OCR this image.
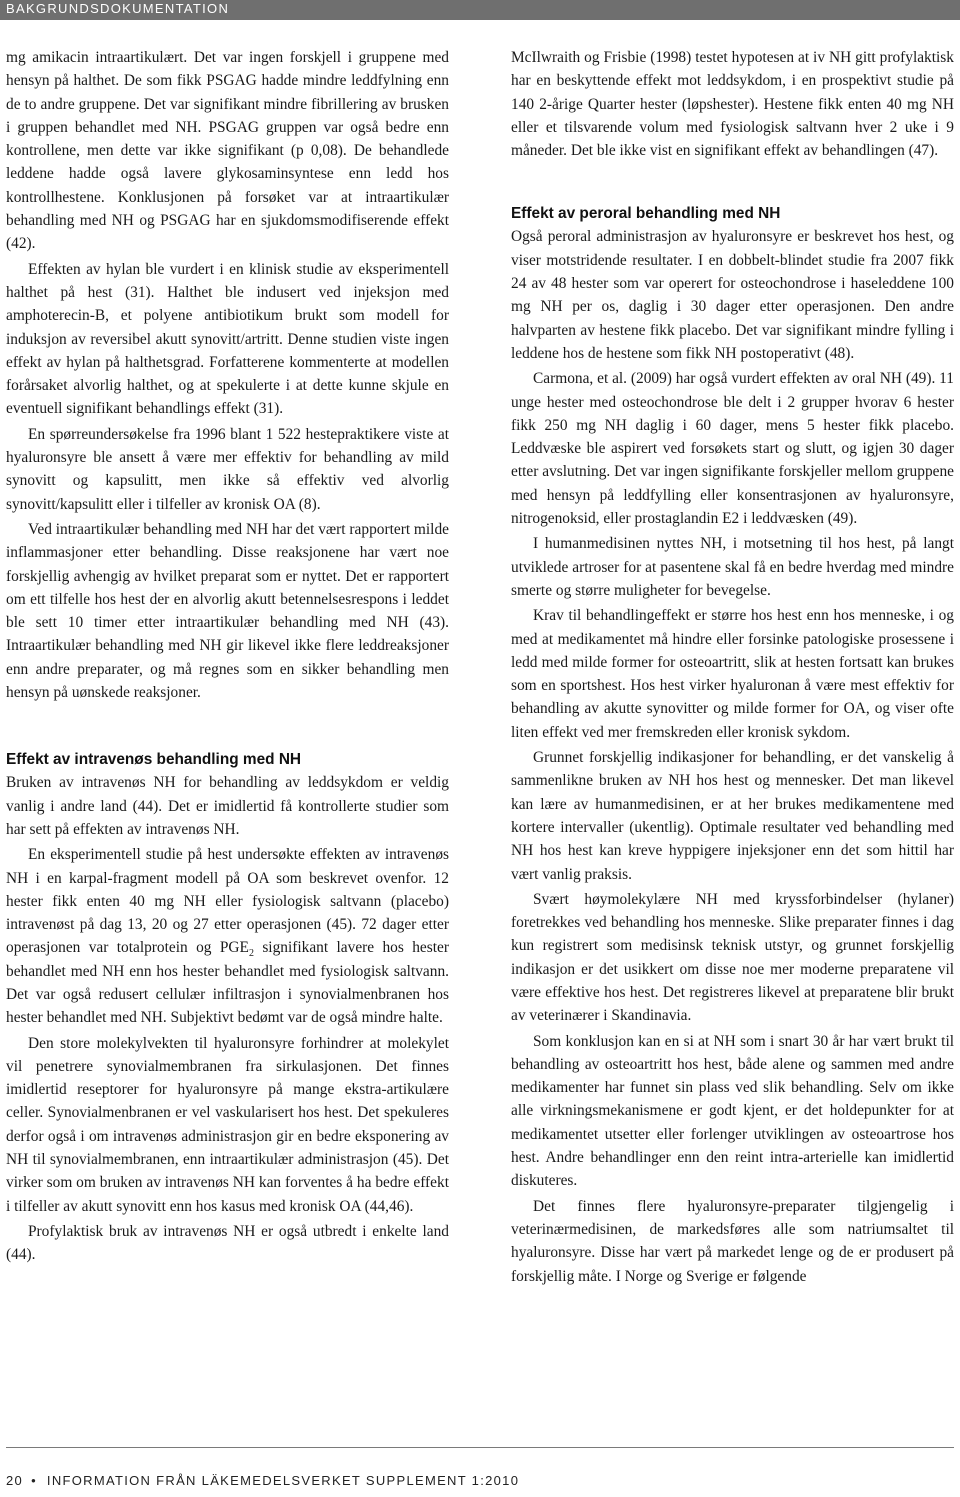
BAKGRUNDSDOKUMENTATION

mg amikacin intraartikulært. Det var ingen forskjell i gruppene med hensyn på halthet. De som fikk PSGAG hadde mindre leddfylning enn de to andre gruppene. Det var signifikant mindre fibrillering av brusken i gruppen behandlet med NH. PSGAG gruppen var også bedre enn kontrollene, men dette var ikke signifikant (p 0,08). De behandlede leddene hadde også lavere glykosaminsyntese enn ledd hos kontrollhestene. Konklusjonen på forsøket var at intraartikulær behandling med NH og PSGAG har en sjukdomsmodifiserende effekt (42).

Effekten av hylan ble vurdert i en klinisk studie av eksperimentell halthet på hest (31). Halthet ble indusert ved injeksjon med amphoterecin-B, et polyene antibiotikum brukt som modell for induksjon av reversibel akutt synovitt/artritt. Denne studien viste ingen effekt av hylan på halthetsgrad. Forfatterene kommenterte at modellen forårsaket alvorlig halthet, og at spekulerte i at dette kunne skjule en eventuell signifikant behandlings effekt (31).

En spørreundersøkelse fra 1996 blant 1 522 hestepraktikere viste at hyaluronsyre ble ansett å være mer effektiv for behandling av mild synovitt og kapsulitt, men ikke så effektiv ved alvorlig synovitt/kapsulitt eller i tilfeller av kronisk OA (8).

Ved intraartikulær behandling med NH har det vært rapportert milde inflammasjoner etter behandling. Disse reaksjonene har vært noe forskjellig avhengig av hvilket preparat som er nyttet. Det er rapportert om ett tilfelle hos hest der en alvorlig akutt betennelsesrespons i leddet ble sett 10 timer etter intraartikulær behandling med NH (43). Intraartikulær behandling med NH gir likevel ikke flere leddreaksjoner enn andre preparater, og må regnes som en sikker behandling men hensyn på uønskede reaksjoner.

Effekt av intravenøs behandling med NH

Bruken av intravenøs NH for behandling av leddsykdom er veldig vanlig i andre land (44). Det er imidlertid få kontrollerte studier som har sett på effekten av intravenøs NH.

En eksperimentell studie på hest undersøkte effekten av intravenøs NH i en karpal-fragment modell på OA som beskrevet ovenfor. 12 hester fikk enten 40 mg NH eller fysiologisk saltvann (placebo) intravenøst på dag 13, 20 og 27 etter operasjonen (45). 72 dager etter operasjonen var totalprotein og $PGE_2$ signifikant lavere hos hester behandlet med NH enn hos hester behandlet med fysiologisk saltvann. Det var også redusert cellulær infiltrasjon i synovialmenbranen hos hester behandlet med NH. Subjektivt bedømt var de også mindre halte.

Den store molekylvekten til hyaluronsyre forhindrer at molekylet vil penetrere synovialmembranen fra sirkulasjonen. Det finnes imidlertid reseptorer for hyaluronsyre på mange ekstra-artikulære celler. Synovialmenbranen er vel vaskularisert hos hest. Det spekuleres derfor også i om intravenøs administrasjon gir en bedre eksponering av NH til synovialmembranen, enn intraartikulær administrasjon (45). Det virker som om bruken av intravenøs NH kan forventes å ha bedre effekt i tilfeller av akutt synovitt enn hos kasus med kronisk OA (44,46).

Profylaktisk bruk av intravenøs NH er også utbredt i enkelte land (44).

McIlwraith og Frisbie (1998) testet hypotesen at iv NH gitt profylaktisk har en beskyttende effekt mot leddsykdom, i en prospektivt studie på 140 2-årige Quarter hester (løpshester). Hestene fikk enten 40 mg NH eller et tilsvarende volum med fysiologisk saltvann hver 2 uke i 9 måneder. Det ble ikke vist en signifikant effekt av behandlingen (47).

Effekt av peroral behandling med NH

Også peroral administrasjon av hyaluronsyre er beskrevet hos hest, og viser motstridende resultater. I en dobbelt-blindet studie fra 2007 fikk 24 av 48 hester som var operert for osteochondrose i haseleddene 100 mg NH per os, daglig i 30 dager etter operasjonen. Den andre halvparten av hestene fikk placebo. Det var signifikant mindre fylling i leddene hos de hestene som fikk NH postoperativt (48).

Carmona, et al. (2009) har også vurdert effekten av oral NH (49). 11 unge hester med osteochondrose ble delt i 2 grupper hvorav 6 hester fikk 250 mg NH daglig i 60 dager, mens 5 hester fikk placebo. Leddvæske ble aspirert ved forsøkets start og slutt, og igjen 30 dager etter avslutning. Det var ingen signifikante forskjeller mellom gruppene med hensyn på leddfylling eller konsentrasjonen av hyaluronsyre, nitrogenoksid, eller prostaglandin E2 i leddvæsken (49).

I humanmedisinen nyttes NH, i motsetning til hos hest, på langt utviklede artroser for at pasentene skal få en bedre hverdag med mindre smerte og større muligheter for bevegelse.

Krav til behandlingeffekt er større hos hest enn hos menneske, i og med at medikamentet må hindre eller forsinke patologiske prosessene i ledd med milde former for osteoartritt, slik at hesten fortsatt kan brukes som en sportshest. Hos hest virker hyaluronan å være mest effektiv for behandling av akutte synovitter og milde former for OA, og viser ofte liten effekt ved mer fremskreden eller kronisk sykdom.

Grunnet forskjellig indikasjoner for behandling, er det vanskelig å sammenlikne bruken av NH hos hest og mennesker. Det man likevel kan lære av humanmedisinen, er at her brukes medikamentene med kortere intervaller (ukentlig). Optimale resultater ved behandling med NH hos hest kan kreve hyppigere injeksjoner enn det som hittil har vært vanlig praksis.

Svært høymolekylære NH med kryssforbindelser (hylaner) foretrekkes ved behandling hos menneske. Slike preparater finnes i dag kun registrert som medisinsk teknisk utstyr, og grunnet forskjellig indikasjon er det usikkert om disse noe mer moderne preparatene vil være effektive hos hest. Det registreres likevel at preparatene blir brukt av veterinærer i Skandinavia.

Som konklusjon kan en si at NH som i snart 30 år har vært brukt til behandling av osteoartritt hos hest, både alene og sammen med andre medikamenter har funnet sin plass ved slik behandling. Selv om ikke alle virkningsmekanismene er godt kjent, er det holdepunkter for at medikamentet utsetter eller forlenger utviklingen av osteoartrose hos hest. Andre behandlinger enn den reint intra-arterielle kan imidlertid diskuteres.

Det finnes flere hyaluronsyre-preparater tilgjengelig i veterinærmedisinen, de markedsføres alle som natriumsaltet til hyaluronsyre. Disse har vært på markedet lenge og de er produsert på forskjellig måte. I Norge og Sverige er følgende

20 • INFORMATION FRÅN LÄKEMEDELSVERKET SUPPLEMENT 1:2010
